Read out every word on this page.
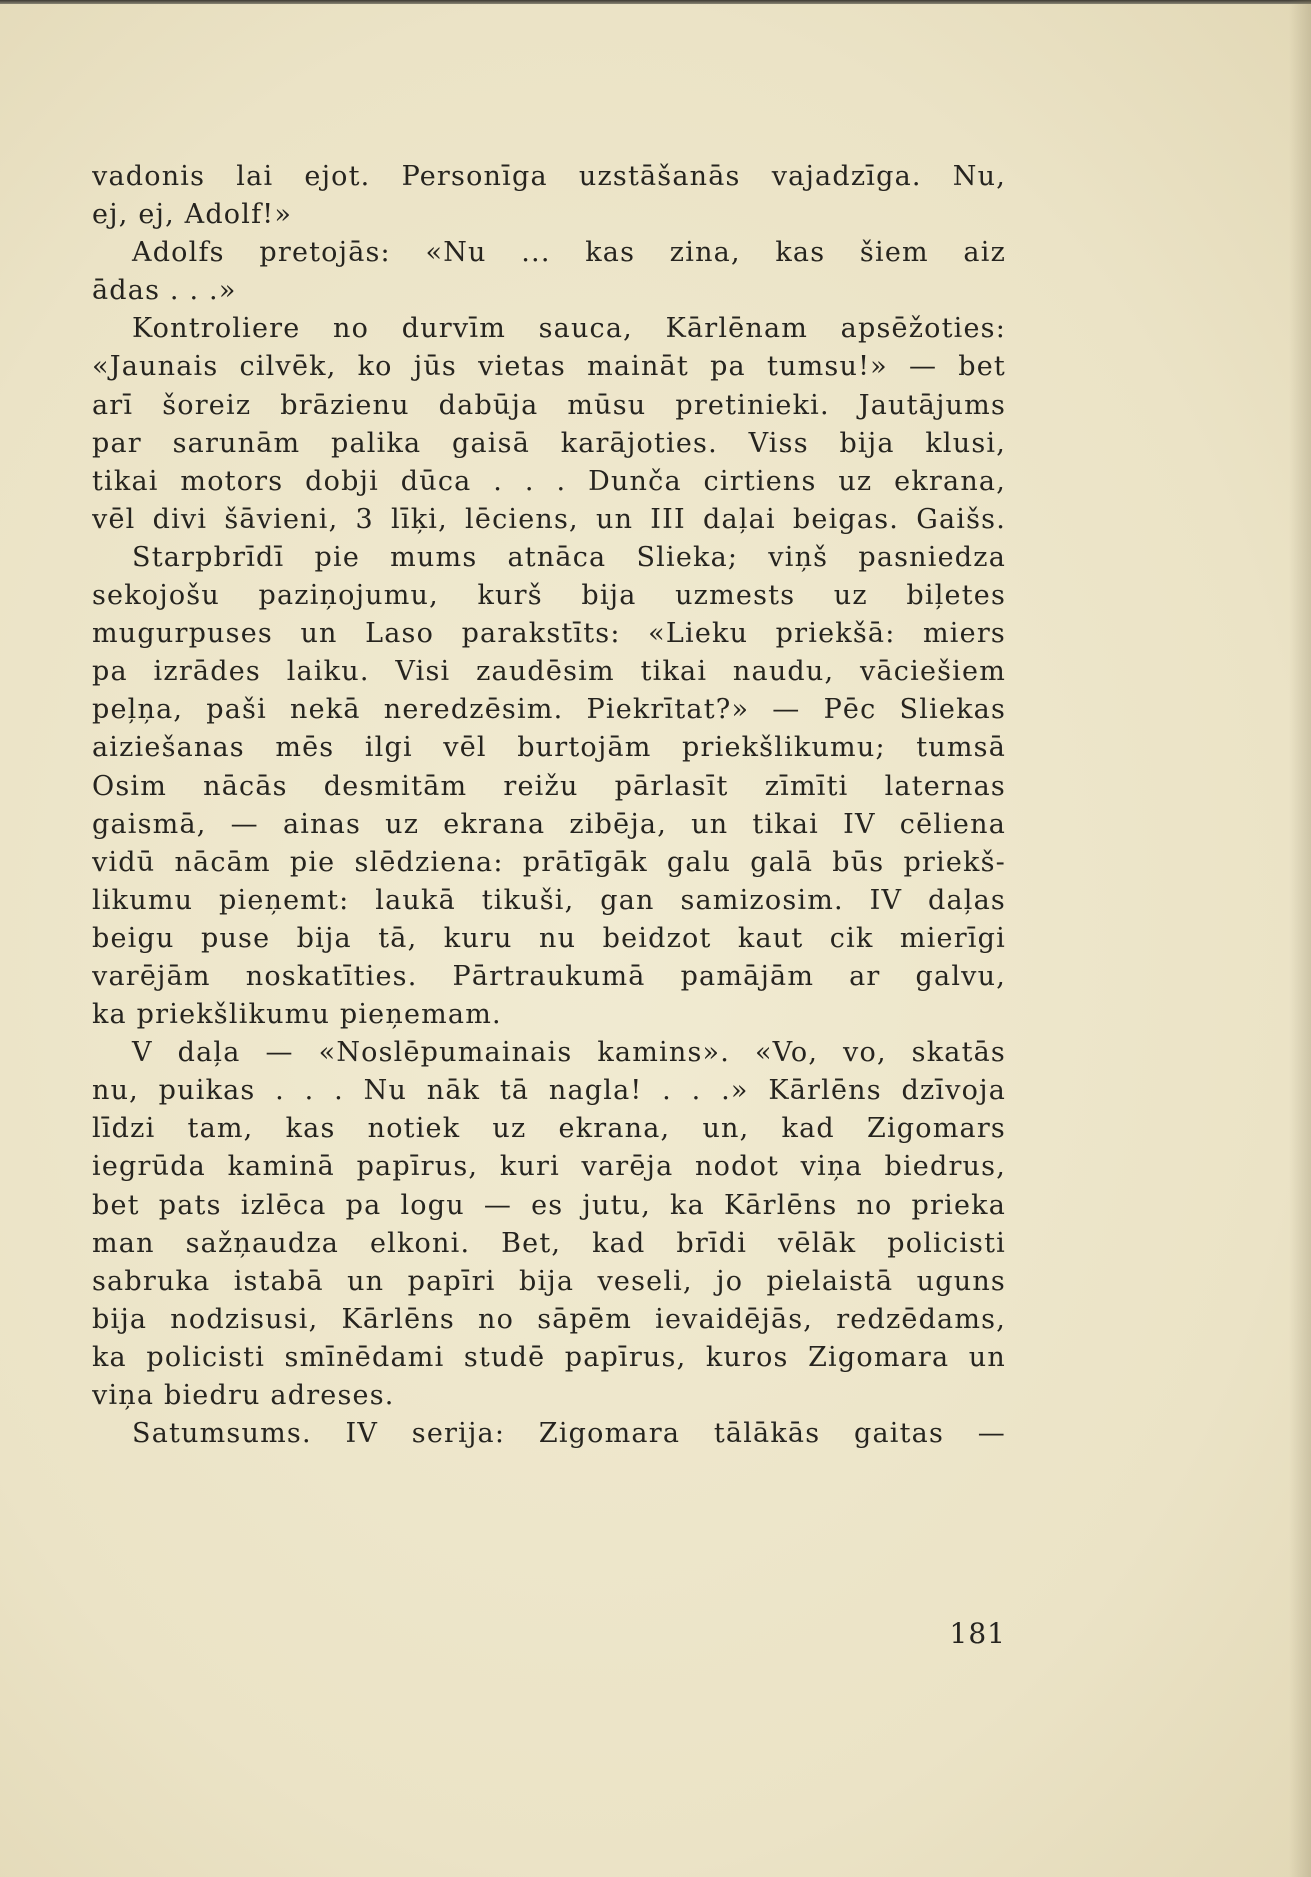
vadonis lai ejot. Personīga uzstāšanās vajadzīga. Nu,
ej, ej, Adolf!»
Adolfs pretojās: «Nu ... kas zina, kas šiem aiz
ādas . . .»
Kontroliere no durvīm sauca, Kārlēnam apsēžoties:
«Jaunais cilvēk, ko jūs vietas maināt pa tumsu!» — bet
arī šoreiz brāzienu dabūja mūsu pretinieki. Jautājums
par sarunām palika gaisā karājoties. Viss bija klusi,
tikai motors dobji dūca . . . Dunča cirtiens uz ekrana,
vēl divi šāvieni, 3 līķi, lēciens, un III daļai beigas. Gaišs.
Starpbrīdī pie mums atnāca Slieka; viņš pasniedza
sekojošu paziņojumu, kurš bija uzmests uz biļetes
mugurpuses un Laso parakstīts: «Lieku priekšā: miers
pa izrādes laiku. Visi zaudēsim tikai naudu, vāciešiem
peļņa, paši nekā neredzēsim. Piekrītat?» — Pēc Sliekas
aiziešanas mēs ilgi vēl burtojām priekšlikumu; tumsā
Osim nācās desmitām reižu pārlasīt zīmīti laternas
gaismā, — ainas uz ekrana zibēja, un tikai IV cēliena
vidū nācām pie slēdziena: prātīgāk galu galā būs priekš-
likumu pieņemt: laukā tikuši, gan samizosim. IV daļas
beigu puse bija tā, kuru nu beidzot kaut cik mierīgi
varējām noskatīties. Pārtraukumā pamājām ar galvu,
ka priekšlikumu pieņemam.
V daļa — «Noslēpumainais kamins». «Vo, vo, skatās
nu, puikas . . . Nu nāk tā nagla! . . .» Kārlēns dzīvoja
līdzi tam, kas notiek uz ekrana, un, kad Zigomars
iegrūda kaminā papīrus, kuri varēja nodot viņa biedrus,
bet pats izlēca pa logu — es jutu, ka Kārlēns no prieka
man sažņaudza elkoni. Bet, kad brīdi vēlāk policisti
sabruka istabā un papīri bija veseli, jo pielaistā uguns
bija nodzisusi, Kārlēns no sāpēm ievaidējās, redzēdams,
ka policisti smīnēdami studē papīrus, kuros Zigomara un
viņa biedru adreses.
Satumsums. IV serija: Zigomara tālākās gaitas —
181
